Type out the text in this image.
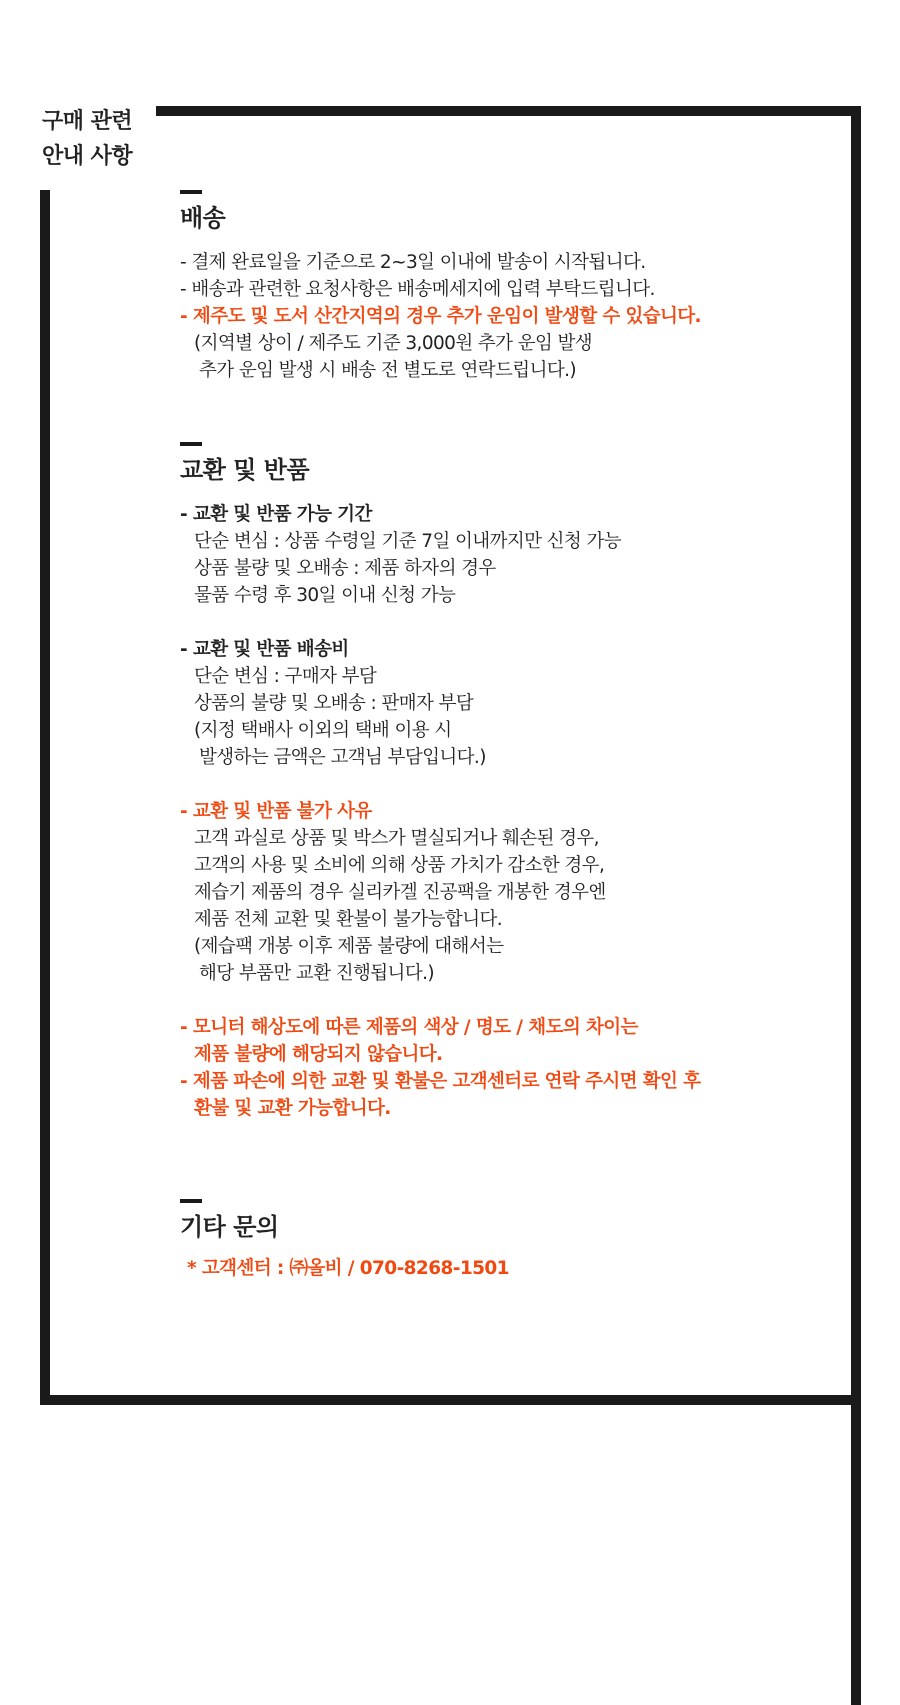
구매 관련
안내 사항
배송
- 결제 완료일을 기준으로 2~3일 이내에 발송이 시작됩니다.
- 배송과 관련한 요청사항은 배송메세지에 입력 부탁드립니다.
- 제주도 및 도서 산간지역의 경우 추가 운임이 발생할 수 있습니다.
(지역별 상이 / 제주도 기준 3,000원 추가 운임 발생
추가 운임 발생 시 배송 전 별도로 연락드립니다.)
교환 및 반품
- 교환 및 반품 가능 기간
단순 변심 : 상품 수령일 기준 7일 이내까지만 신청 가능
상품 불량 및 오배송 : 제품 하자의 경우
물품 수령 후 30일 이내 신청 가능
- 교환 및 반품 배송비
단순 변심 : 구매자 부담
상품의 불량 및 오배송 : 판매자 부담
(지정 택배사 이외의 택배 이용 시
발생하는 금액은 고객님 부담입니다.)
- 교환 및 반품 불가 사유
고객 과실로 상품 및 박스가 멸실되거나 훼손된 경우,
고객의 사용 및 소비에 의해 상품 가치가 감소한 경우,
제습기 제품의 경우 실리카겔 진공팩을 개봉한 경우엔
제품 전체 교환 및 환불이 불가능합니다.
(제습팩 개봉 이후 제품 불량에 대해서는
해당 부품만 교환 진행됩니다.)
- 모니터 해상도에 따른 제품의 색상 / 명도 / 채도의 차이는
제품 불량에 해당되지 않습니다.
- 제품 파손에 의한 교환 및 환불은 고객센터로 연락 주시면 확인 후
환불 및 교환 가능합니다.
기타 문의
* 고객센터 : ㈜올비 / 070-8268-1501
